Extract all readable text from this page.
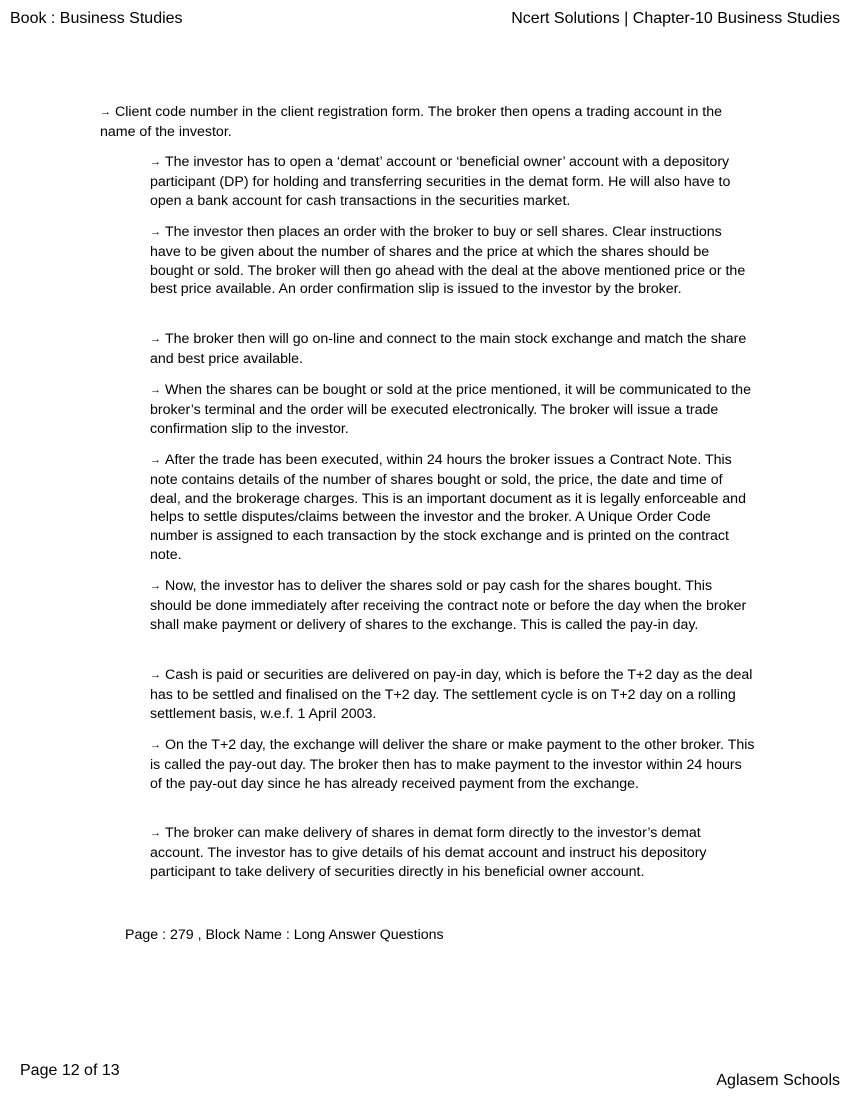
Book : Business Studies	Ncert Solutions | Chapter-10 Business Studies

→ Client code number in the client registration form. The broker then opens a trading account in the name of the investor.

→ The investor has to open a ‘demat’ account or ‘beneficial owner’ account with a depository participant (DP) for holding and transferring securities in the demat form. He will also have to open a bank account for cash transactions in the securities market.

→ The investor then places an order with the broker to buy or sell shares. Clear instructions have to be given about the number of shares and the price at which the shares should be bought or sold. The broker will then go ahead with the deal at the above mentioned price or the best price available. An order confirmation slip is issued to the investor by the broker.

→ The broker then will go on-line and connect to the main stock exchange and match the share and best price available.

→ When the shares can be bought or sold at the price mentioned, it will be communicated to the broker’s terminal and the order will be executed electronically. The broker will issue a trade confirmation slip to the investor.

→ After the trade has been executed, within 24 hours the broker issues a Contract Note. This note contains details of the number of shares bought or sold, the price, the date and time of deal, and the brokerage charges. This is an important document as it is legally enforceable and helps to settle disputes/claims between the investor and the broker. A Unique Order Code number is assigned to each transaction by the stock exchange and is printed on the contract note.

→ Now, the investor has to deliver the shares sold or pay cash for the shares bought. This should be done immediately after receiving the contract note or before the day when the broker shall make payment or delivery of shares to the exchange. This is called the pay-in day.

→ Cash is paid or securities are delivered on pay-in day, which is before the T+2 day as the deal has to be settled and finalised on the T+2 day. The settlement cycle is on T+2 day on a rolling settlement basis, w.e.f. 1 April 2003.

→ On the T+2 day, the exchange will deliver the share or make payment to the other broker. This is called the pay-out day. The broker then has to make payment to the investor within 24 hours of the pay-out day since he has already received payment from the exchange.

→ The broker can make delivery of shares in demat form directly to the investor’s demat account. The investor has to give details of his demat account and instruct his depository participant to take delivery of securities directly in his beneficial owner account.

Page : 279 , Block Name : Long Answer Questions
Page 12 of 13
Aglasem Schools
